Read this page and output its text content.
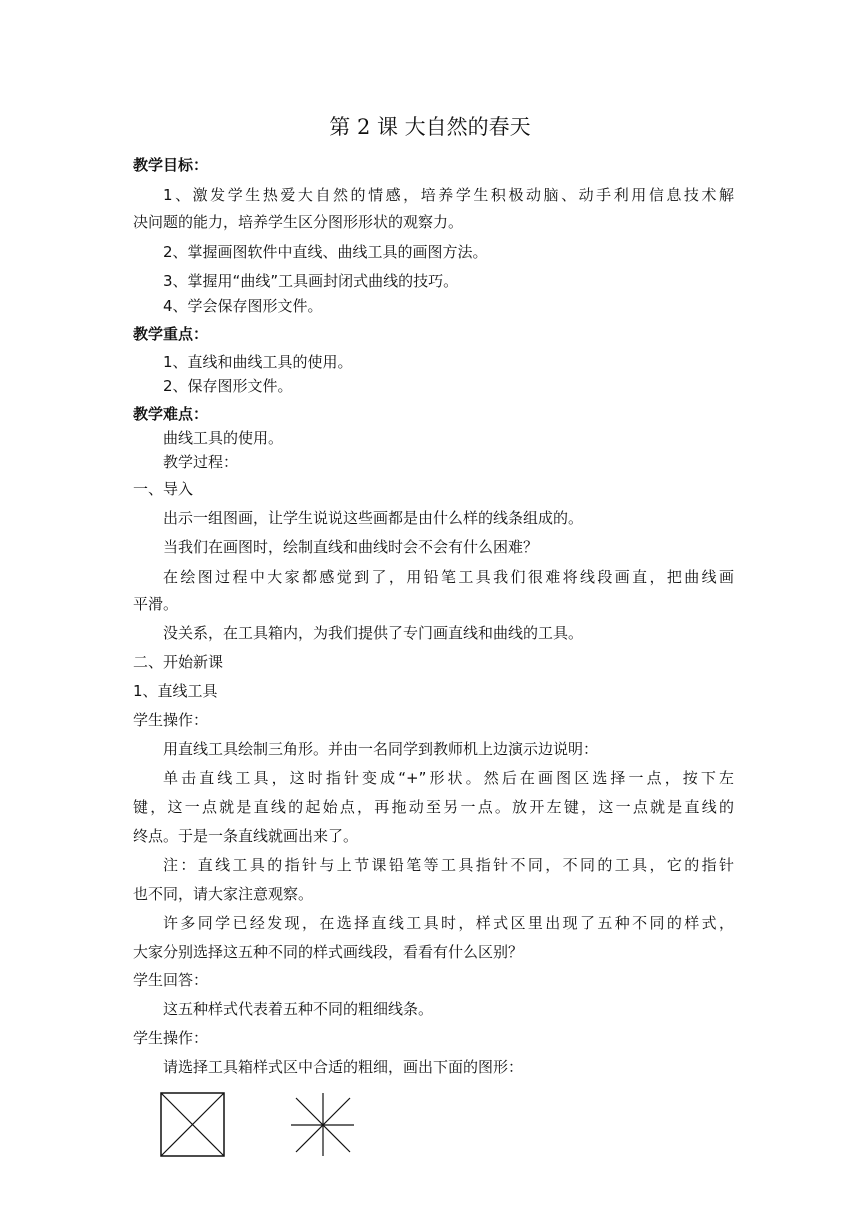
第 2 课 大自然的春天

教学目标：

1、激发学生热爱大自然的情感，培养学生积极动脑、动手利用信息技术解

决问题的能力，培养学生区分图形形状的观察力。

2、掌握画图软件中直线、曲线工具的画图方法。

3、掌握用“曲线”工具画封闭式曲线的技巧。

4、学会保存图形文件。

教学重点：

1、直线和曲线工具的使用。

2、保存图形文件。

教学难点：

曲线工具的使用。

教学过程：

一、导入

出示一组图画，让学生说说这些画都是由什么样的线条组成的。

当我们在画图时，绘制直线和曲线时会不会有什么困难？

在绘图过程中大家都感觉到了，用铅笔工具我们很难将线段画直，把曲线画

平滑。

没关系，在工具箱内，为我们提供了专门画直线和曲线的工具。

二、开始新课

1、直线工具

学生操作：

用直线工具绘制三角形。并由一名同学到教师机上边演示边说明：

单击直线工具，这时指针变成“+”形状。然后在画图区选择一点，按下左

键，这一点就是直线的起始点，再拖动至另一点。放开左键，这一点就是直线的

终点。于是一条直线就画出来了。

注：直线工具的指针与上节课铅笔等工具指针不同，不同的工具，它的指针

也不同，请大家注意观察。

许多同学已经发现，在选择直线工具时，样式区里出现了五种不同的样式，

大家分别选择这五种不同的样式画线段，看看有什么区别？

学生回答：

这五种样式代表着五种不同的粗细线条。

学生操作：

请选择工具箱样式区中合适的粗细，画出下面的图形：
